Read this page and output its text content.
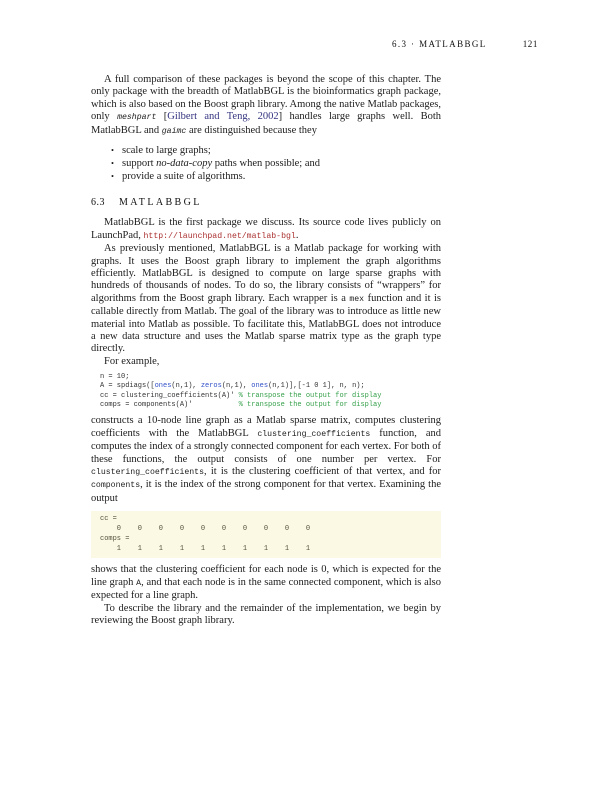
6.3 · MATLABBGL	121

A full comparison of these packages is beyond the scope of this chapter. The only package with the breadth of MatlabBGL is the bioinformatics graph package, which is also based on the Boost graph library. Among the native Matlab packages, only meshpart [Gilbert and Teng, 2002] handles large graphs well. Both MatlabBGL and gaimc are distinguished because they

• scale to large graphs;
• support no-data-copy paths when possible; and
• provide a suite of algorithms.
6.3 MATLABBGL

MatlabBGL is the first package we discuss. Its source code lives publicly on LaunchPad, http://launchpad.net/matlab-bgl.

As previously mentioned, MatlabBGL is a Matlab package for working with graphs. It uses the Boost graph library to implement the graph algorithms efficiently. MatlabBGL is designed to compute on large sparse graphs with hundreds of thousands of nodes. To do so, the library consists of “wrappers” for algorithms from the Boost graph library. Each wrapper is a mex function and it is callable directly from Matlab. The goal of the library was to introduce as little new material into Matlab as possible. To facilitate this, MatlabBGL does not introduce a new data structure and uses the Matlab sparse matrix type as the graph type directly.

For example,

n = 10;
A = spdiags([ones(n,1), zeros(n,1), ones(n,1)],[-1 0 1], n, n);
cc = clustering_coefficients(A)' % transpose the output for display
comps = components(A)'           % transpose the output for display

constructs a 10-node line graph as a Matlab sparse matrix, computes clustering coefficients with the MatlabBGL clustering_coefficients function, and computes the index of a strongly connected component for each vertex. For both of these functions, the output consists of one number per vertex. For clustering_coefficients, it is the clustering coefficient of that vertex, and for components, it is the index of the strong component for that vertex. Examining the output

cc =
0    0    0    0    0    0    0    0    0    0
comps =
1    1    1    1    1    1    1    1    1    1

shows that the clustering coefficient for each node is 0, which is expected for the line graph A, and that each node is in the same connected component, which is also expected for a line graph.

To describe the library and the remainder of the implementation, we begin by reviewing the Boost graph library.
